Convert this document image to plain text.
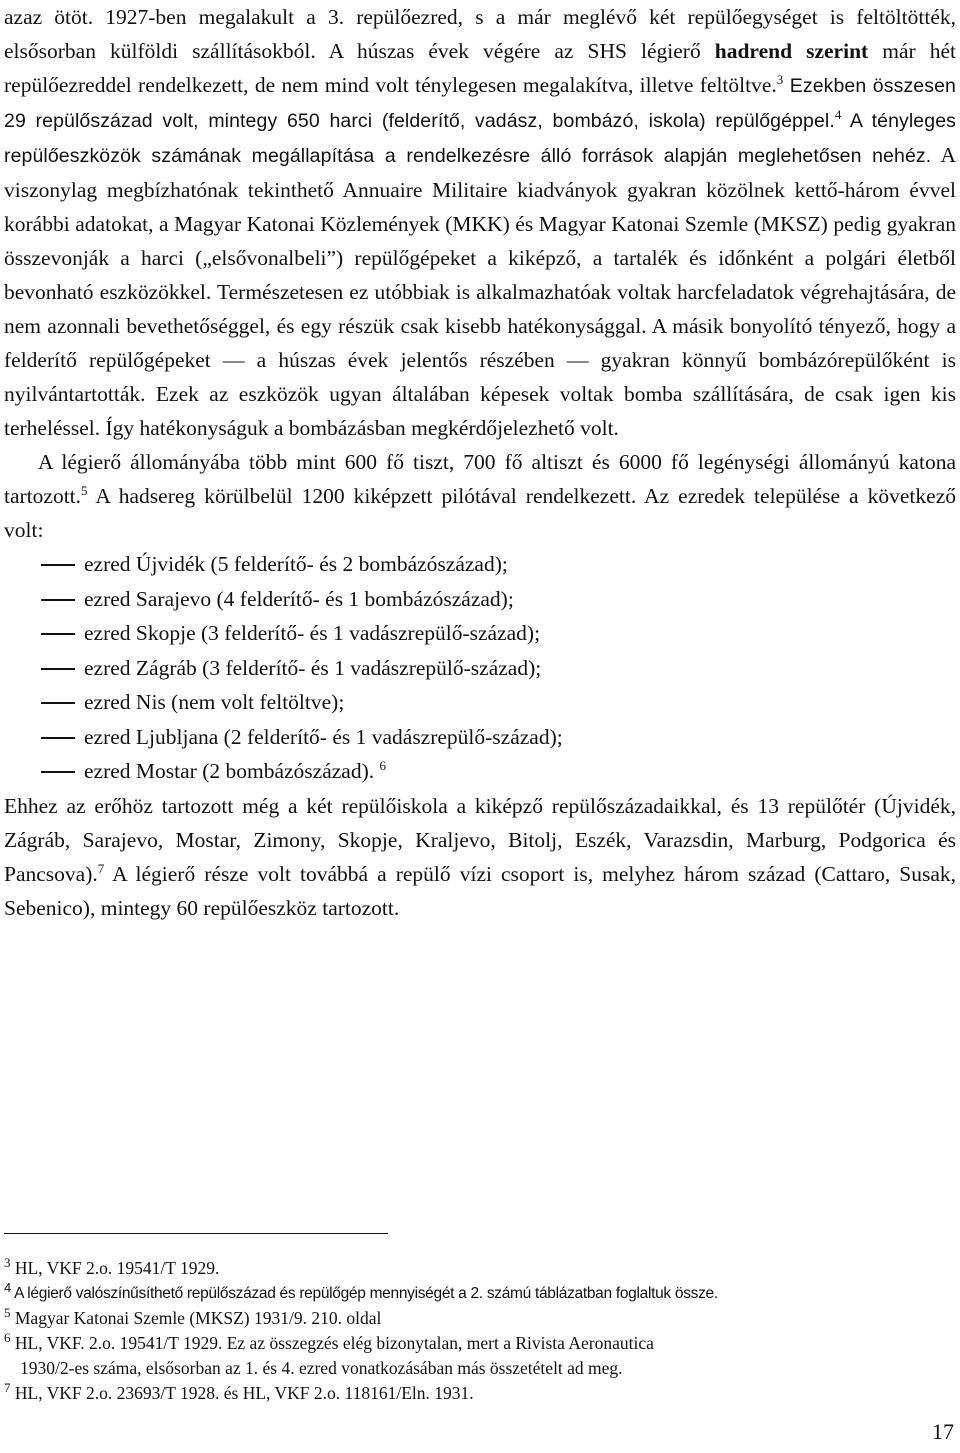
azaz ötöt. 1927-ben megalakult a 3. repülőezred, s a már meglévő két repülőegységet is feltöltötték, elsősorban külföldi szállításokból. A húszas évek végére az SHS légierő hadrend szerint már hét repülőezreddel rendelkezett, de nem mind volt ténylegesen megalakítva, illetve feltöltve.$^3$ Ezekben összesen 29 repülőszázad volt, mintegy 650 harci (felderítő, vadász, bombázó, iskola) repülőgéppel.$^4$ A tényleges repülőeszközök számának megállapítása a rendelkezésre álló források alapján meglehetősen nehéz. A viszonylag megbízhatónak tekinthető Annuaire Militaire kiadványok gyakran közölnek kettő-három évvel korábbi adatokat, a Magyar Katonai Közlemények (MKK) és Magyar Katonai Szemle (MKSZ) pedig gyakran összevonják a harci („elsővonalbeli”) repülőgépeket a kiképző, a tartalék és időnként a polgári életből bevonható eszközökkel. Természetesen ez utóbbiak is alkalmazhatóak voltak harcfeladatok végrehajtására, de nem azonnali bevethetőséggel, és egy részük csak kisebb hatékonysággal. A másik bonyolító tényező, hogy a felderítő repülőgépeket ― a húszas évek jelentős részében ― gyakran könnyű bombázórepülőként is nyilvántartották. Ezek az eszközök ugyan általában képesek voltak bomba szállítására, de csak igen kis terheléssel. Így hatékonyságuk a bombázásban megkérdőjelezhető volt.

A légierő állományába több mint 600 fő tiszt, 700 fő altiszt és 6000 fő legénységi állományú katona tartozott.$^5$ A hadsereg körülbelül 1200 kiképzett pilótával rendelkezett. Az ezredek települése a következő volt:

ezred Újvidék (5 felderítő- és 2 bombázószázad);
ezred Sarajevo (4 felderítő- és 1 bombázószázad);
ezred Skopje (3 felderítő- és 1 vadászrepülő-század);
ezred Zágráb (3 felderítő- és 1 vadászrepülő-század);
ezred Nis (nem volt feltöltve);
ezred Ljubljana (2 felderítő- és 1 vadászrepülő-század);
ezred Mostar (2 bombázószázad). $^6$

Ehhez az erőhöz tartozott még a két repülőiskola a kiképző repülőszázadaikkal, és 13 repülőtér (Újvidék, Zágráb, Sarajevo, Mostar, Zimony, Skopje, Kraljevo, Bitolj, Eszék, Varazsdin, Marburg, Podgorica és Pancsova).$^7$ A légierő része volt továbbá a repülő vízi csoport is, melyhez három század (Cattaro, Susak, Sebenico), mintegy 60 repülőeszköz tartozott.

$^3$ HL, VKF 2.o. 19541/T 1929.

$^4$ A légierő valószínűsíthető repülőszázad és repülőgép mennyiségét a 2. számú táblázatban foglaltuk össze.

$^5$ Magyar Katonai Szemle (MKSZ) 1931/9. 210. oldal

$^6$ HL, VKF. 2.o. 19541/T 1929. Ez az összegzés elég bizonytalan, mert a Rivista Aeronautica

1930/2-es száma, elsősorban az 1. és 4. ezred vonatkozásában más összetételt ad meg.

$^7$ HL, VKF 2.o. 23693/T 1928. és HL, VKF 2.o. 118161/Eln. 1931.

17
